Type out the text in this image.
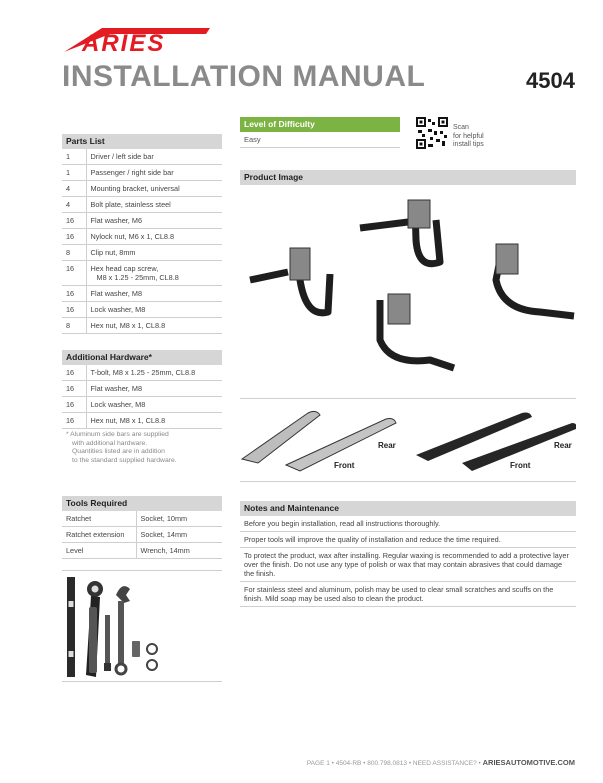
ARIES
INSTALLATION MANUAL	4504
Parts List
1	Driver / left side bar
1	Passenger / right side bar
4	Mounting bracket, universal
4	Bolt plate, stainless steel
16	Flat washer, M6
16	Nylock nut, M6 x 1, CL8.8
8	Clip nut, 8mm
16	Hex head cap screw,
M8 x 1.25 - 25mm, CL8.8

16	Flat washer, M8
16	Lock washer, M8
8	Hex nut, M8 x 1, CL8.8
Additional Hardware*
16	T-bolt, M8 x 1.25 - 25mm, CL8.8
16	Flat washer, M8
16	Lock washer, M8
16	Hex nut, M8 x 1, CL8.8
* Aluminum side bars are supplied
with additional hardware.
Quantities listed are in addition
to the standard supplied hardware.
Tools Required
Ratchet	Socket, 10mm
Ratchet extension	Socket, 14mm
Level	Wrench, 14mm
Level of Difficulty
Easy
Scan
for helpful
install tips
Product Image
Rear
Front
Rear
Front
Notes and Maintenance

Before you begin installation, read all instructions thoroughly.

Proper tools will improve the quality of installation and reduce the time required.

To protect the product, wax after installing. Regular waxing is recommended to add a protective layer over the finish. Do not use any type of polish or wax that may contain abrasives that could damage the finish.

For stainless steel and aluminum, polish may be used to clear small scratches and scuffs on the finish. Mild soap may be used also to clean the product.

PAGE 1 • 4504-RB • 800.798.0813 • NEED ASSISTANCE? • ARIESAUTOMOTIVE.COM
